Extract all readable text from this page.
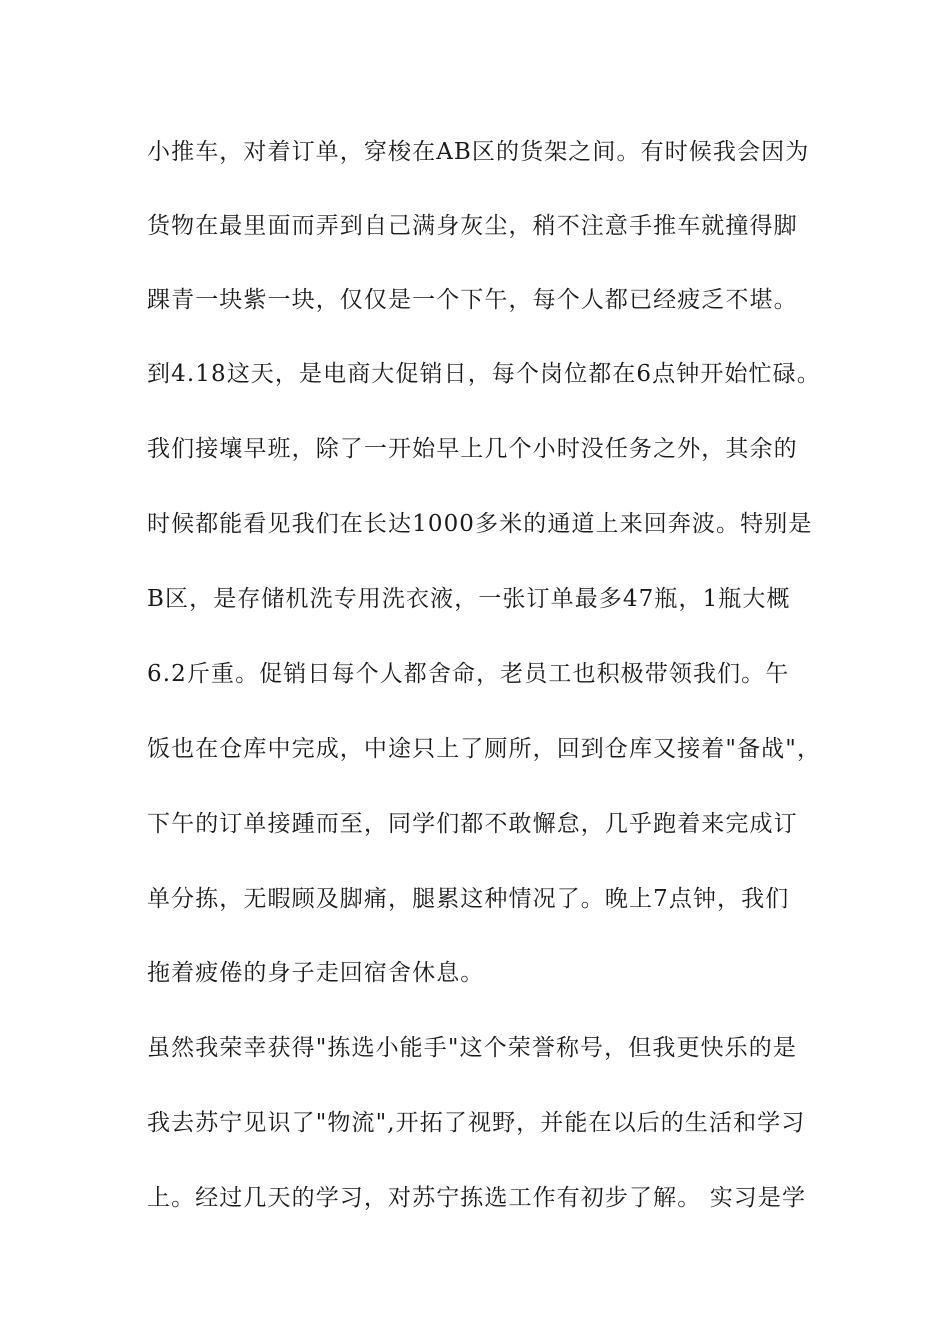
小推车，对着订单，穿梭在AB区的货架之间。有时候我会因为
货物在最里面而弄到自己满身灰尘，稍不注意手推车就撞得脚
踝青一块紫一块，仅仅是一个下午，每个人都已经疲乏不堪。
到4.18这天，是电商大促销日，每个岗位都在6点钟开始忙碌。
我们接壤早班，除了一开始早上几个小时没任务之外，其余的
时候都能看见我们在长达1000多米的通道上来回奔波。特别是
B区，是存储机洗专用洗衣液，一张订单最多47瓶，1瓶大概
6.2斤重。促销日每个人都舍命，老员工也积极带领我们。午
饭也在仓库中完成，中途只上了厕所，回到仓库又接着"备战"，
下午的订单接踵而至，同学们都不敢懈怠，几乎跑着来完成订
单分拣，无暇顾及脚痛，腿累这种情况了。晚上7点钟，我们
拖着疲倦的身子走回宿舍休息。
虽然我荣幸获得"拣选小能手"这个荣誉称号，但我更快乐的是
我去苏宁见识了"物流",开拓了视野，并能在以后的生活和学习
上。经过几天的学习，对苏宁拣选工作有初步了解。 实习是学
